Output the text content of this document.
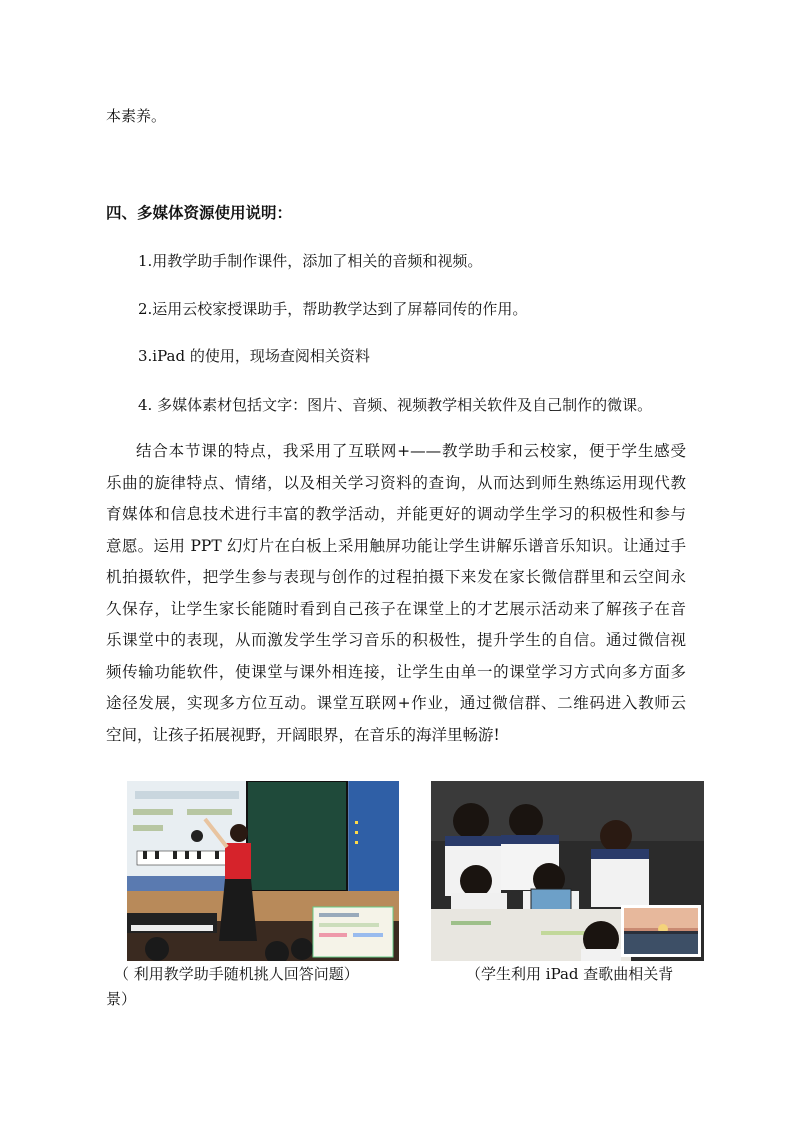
本素养。
四、多媒体资源使用说明：
1.用教学助手制作课件，添加了相关的音频和视频。
2.运用云校家授课助手，帮助教学达到了屏幕同传的作用。
3.iPad 的使用，现场查阅相关资料
4. 多媒体素材包括文字：图片、音频、视频教学相关软件及自己制作的微课。
结合本节课的特点，我采用了互联网+——教学助手和云校家，便于学生感受
乐曲的旋律特点、情绪，以及相关学习资料的查询，从而达到师生熟练运用现代教
育媒体和信息技术进行丰富的教学活动，并能更好的调动学生学习的积极性和参与
意愿。运用 PPT 幻灯片在白板上采用触屏功能让学生讲解乐谱音乐知识。让通过手
机拍摄软件，把学生参与表现与创作的过程拍摄下来发在家长微信群里和云空间永
久保存，让学生家长能随时看到自己孩子在课堂上的才艺展示活动来了解孩子在音
乐课堂中的表现，从而激发学生学习音乐的积极性，提升学生的自信。通过微信视
频传输功能软件，使课堂与课外相连接，让学生由单一的课堂学习方式向多方面多
途径发展，实现多方位互动。课堂互联网+作业，通过微信群、二维码进入教师云
空间，让孩子拓展视野，开阔眼界，在音乐的海洋里畅游!
（ 利用教学助手随机挑人回答问题）	（学生利用 iPad 查歌曲相关背
景）
